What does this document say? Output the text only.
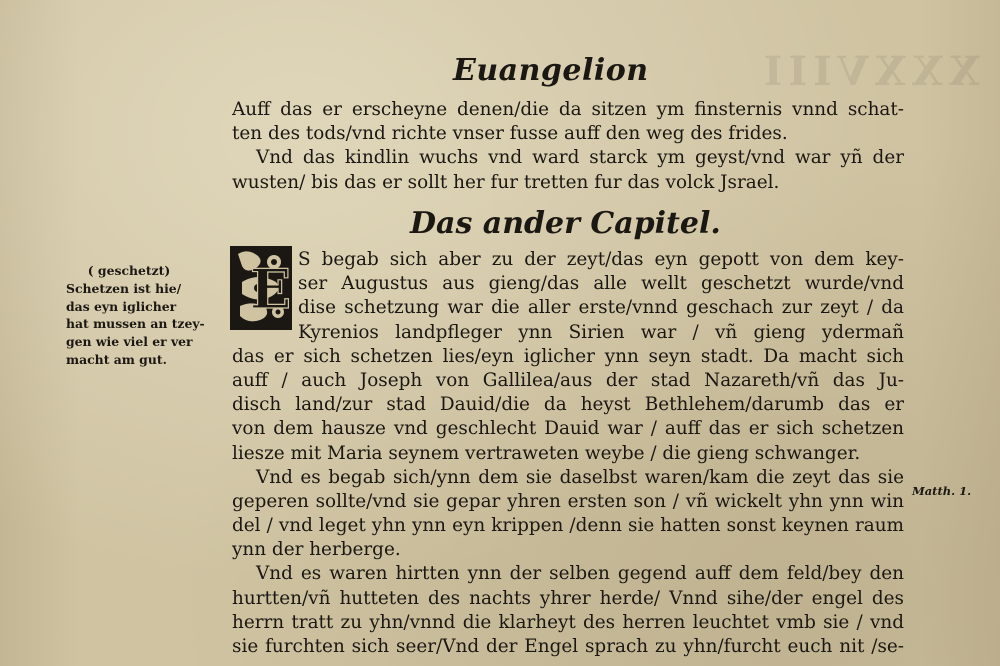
XXXVIII
Euangelion
Auff das er erscheyne denen/die da sitzen ym finsternis vnnd schat-
ten des tods/vnd richte vnser fusse auff den weg des frides.
Vnd das kindlin wuchs vnd ward starck ym geyst/vnd war yñ der
wusten/ bis das er sollt her fur tretten fur das volck Jsrael.
Das ander Capitel.
E S begab sich aber zu der zeyt/das eyn gepott von dem key-
ser Augustus aus gieng/das alle wellt geschetzt wurde/vnd
dise schetzung war die aller erste/vnnd geschach zur zeyt / da
Kyrenios landpfleger ynn Sirien war / vñ gieng ydermañ
das er sich schetzen lies/eyn iglicher ynn seyn stadt. Da macht sich
auff / auch Joseph von Gallilea/aus der stad Nazareth/vñ das Ju-
disch land/zur stad Dauid/die da heyst Bethlehem/darumb das er
von dem hausze vnd geschlecht Dauid war / auff das er sich schetzen
liesze mit Maria seynem vertraweten weybe / die gieng schwanger.
Vnd es begab sich/ynn dem sie daselbst waren/kam die zeyt das sie
geperen sollte/vnd sie gepar yhren ersten son / vñ wickelt yhn ynn win
del / vnd leget yhn ynn eyn krippen /denn sie hatten sonst keynen raum
ynn der herberge.
Vnd es waren hirtten ynn der selben gegend auff dem feld/bey den
hurtten/vñ hutteten des nachts yhrer herde/ Vnnd sihe/der engel des
herrn tratt zu yhn/vnnd die klarheyt des herren leuchtet vmb sie / vnd
sie furchten sich seer/Vnd der Engel sprach zu yhn/furcht euch nit /se-
( geschetzt)
Schetzen ist hie/
das eyn iglicher
hat mussen an tzey-
gen wie viel er ver
macht am gut.
Matth. 1.
